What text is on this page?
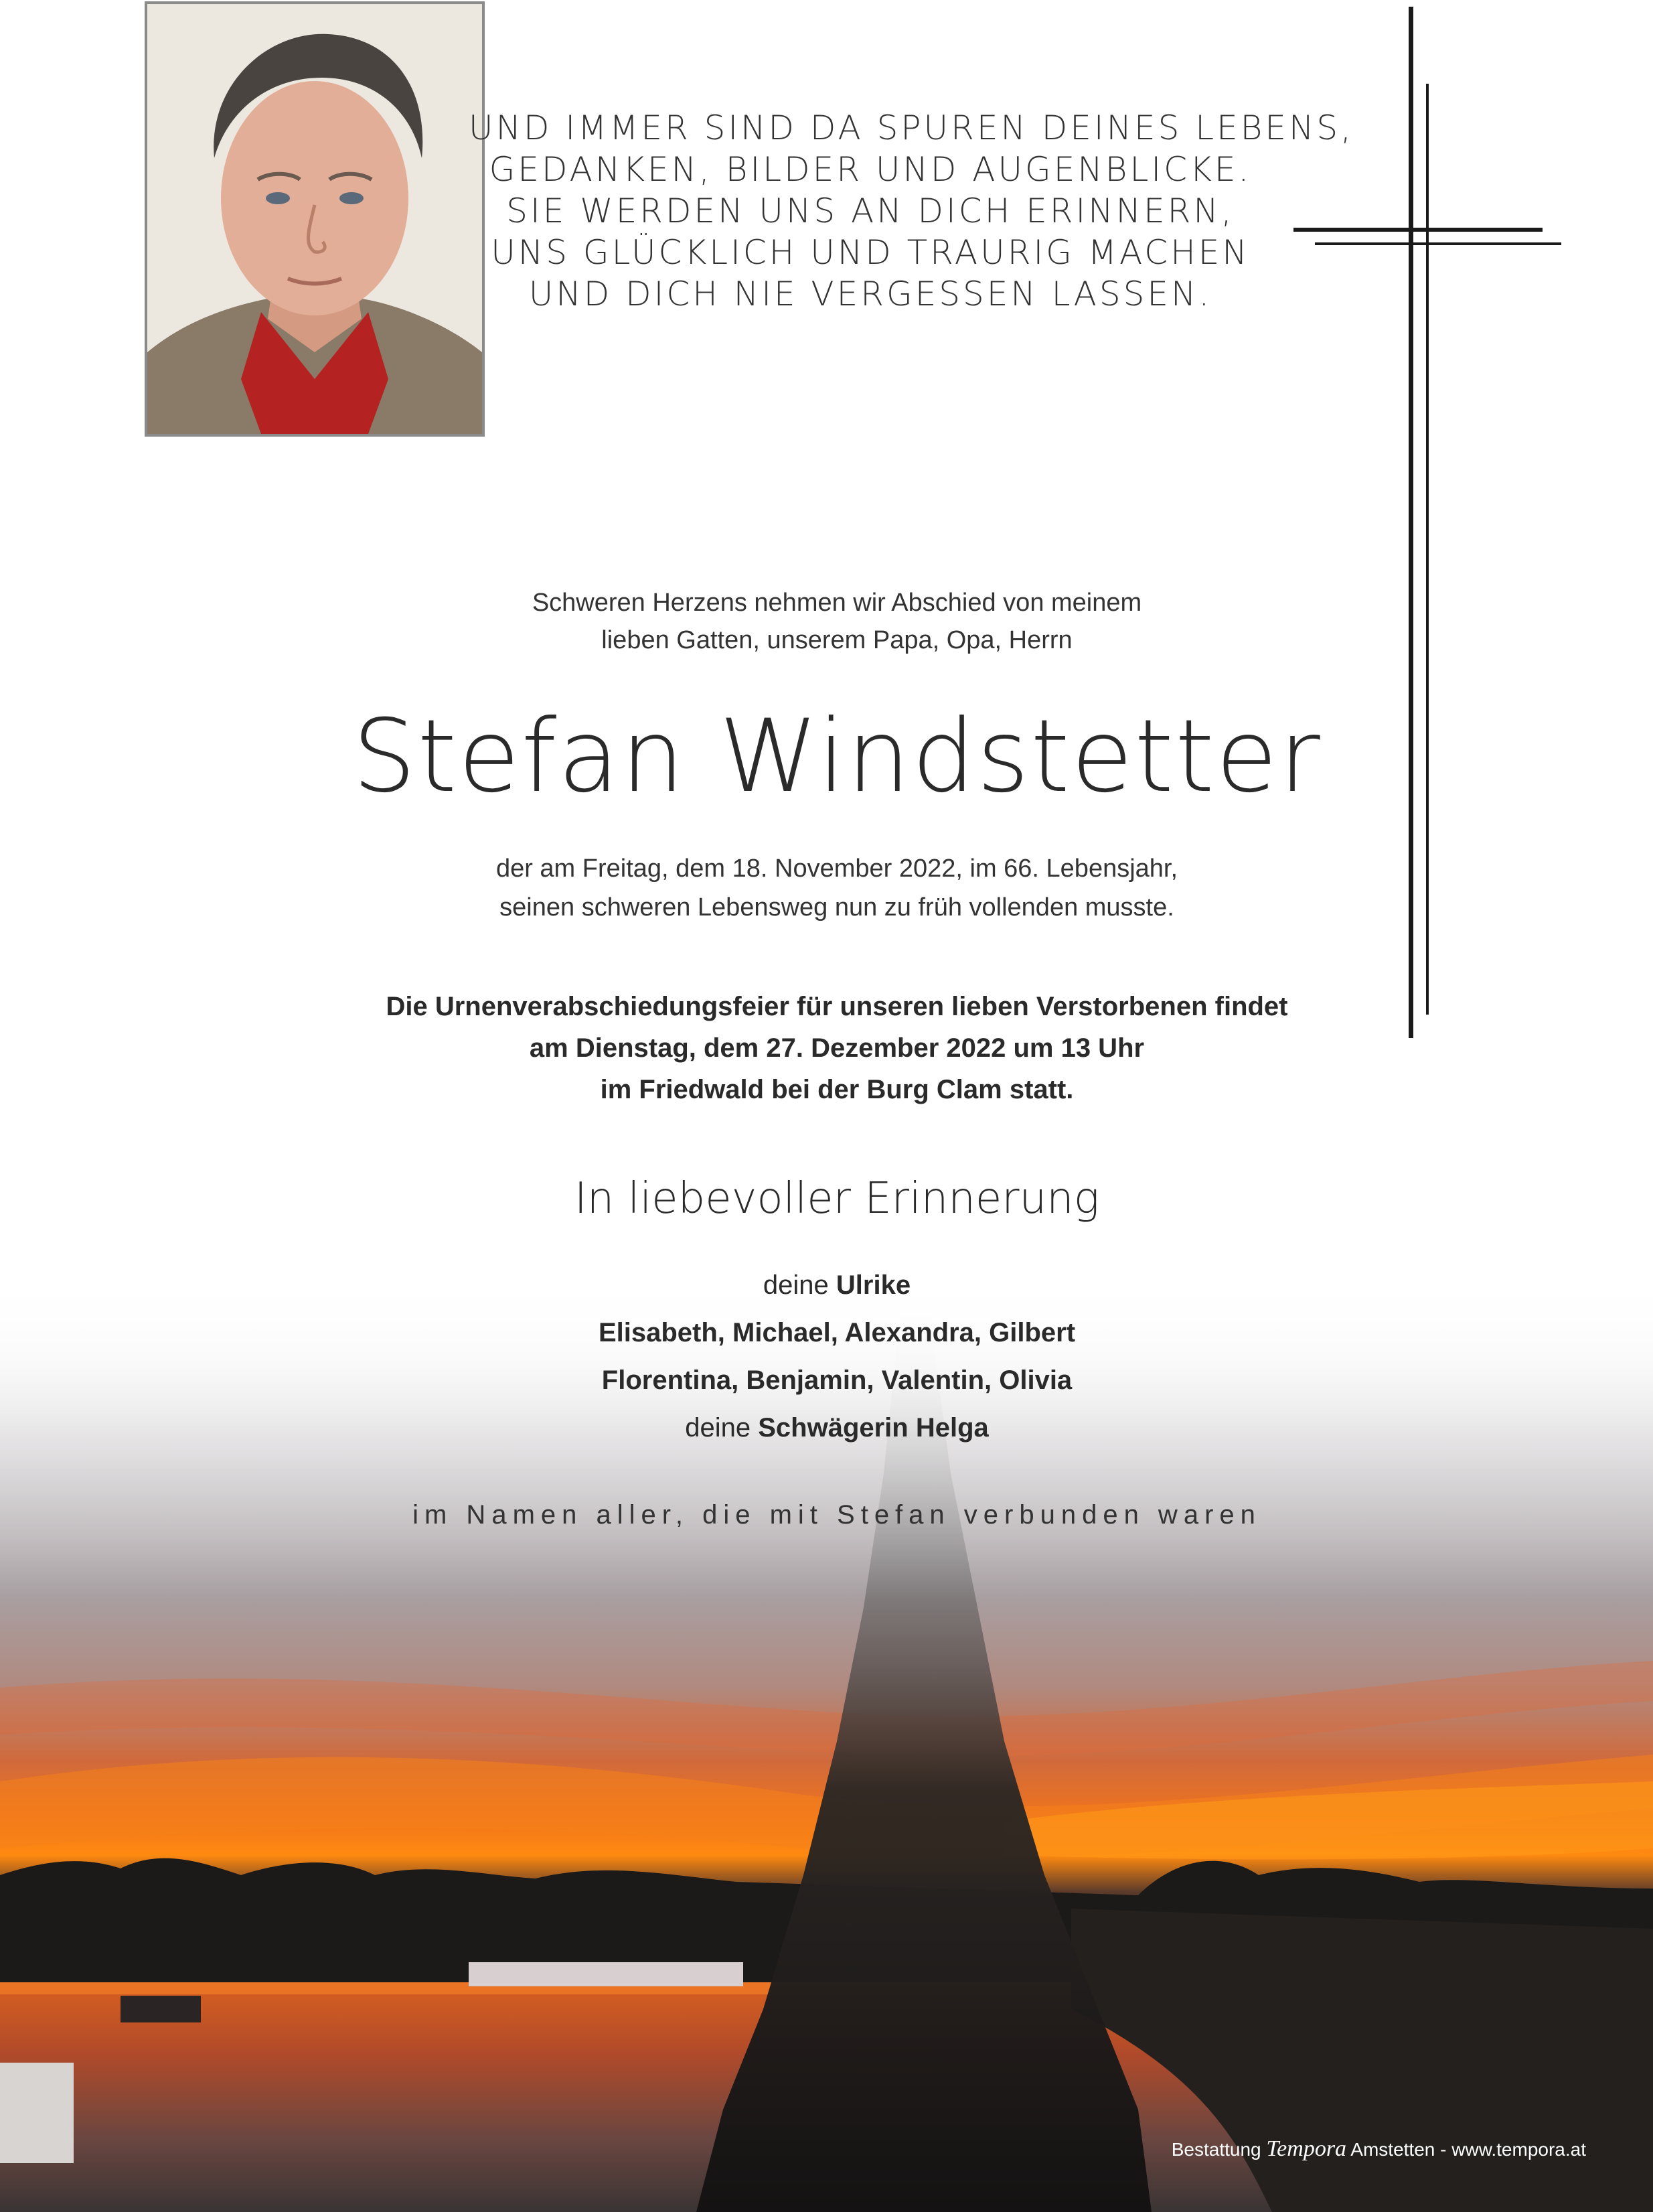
UND IMMER SIND DA SPUREN DEINES LEBENS,
GEDANKEN, BILDER UND AUGENBLICKE.
SIE WERDEN UNS AN DICH ERINNERN,
UNS GLÜCKLICH UND TRAURIG MACHEN
UND DICH NIE VERGESSEN LASSEN.
Schweren Herzens nehmen wir Abschied von meinem
lieben Gatten, unserem Papa, Opa, Herrn
Stefan Windstetter
der am Freitag, dem 18. November 2022, im 66. Lebensjahr,
seinen schweren Lebensweg nun zu früh vollenden musste.
Die Urnenverabschiedungsfeier für unseren lieben Verstorbenen findet
am Dienstag, dem 27. Dezember 2022 um 13 Uhr
im Friedwald bei der Burg Clam statt.
In liebevoller Erinnerung
deine Ulrike
Elisabeth, Michael, Alexandra, Gilbert
Florentina, Benjamin, Valentin, Olivia
deine Schwägerin Helga
im Namen aller, die mit Stefan verbunden waren
Bestattung Tempora Amstetten - www.tempora.at
